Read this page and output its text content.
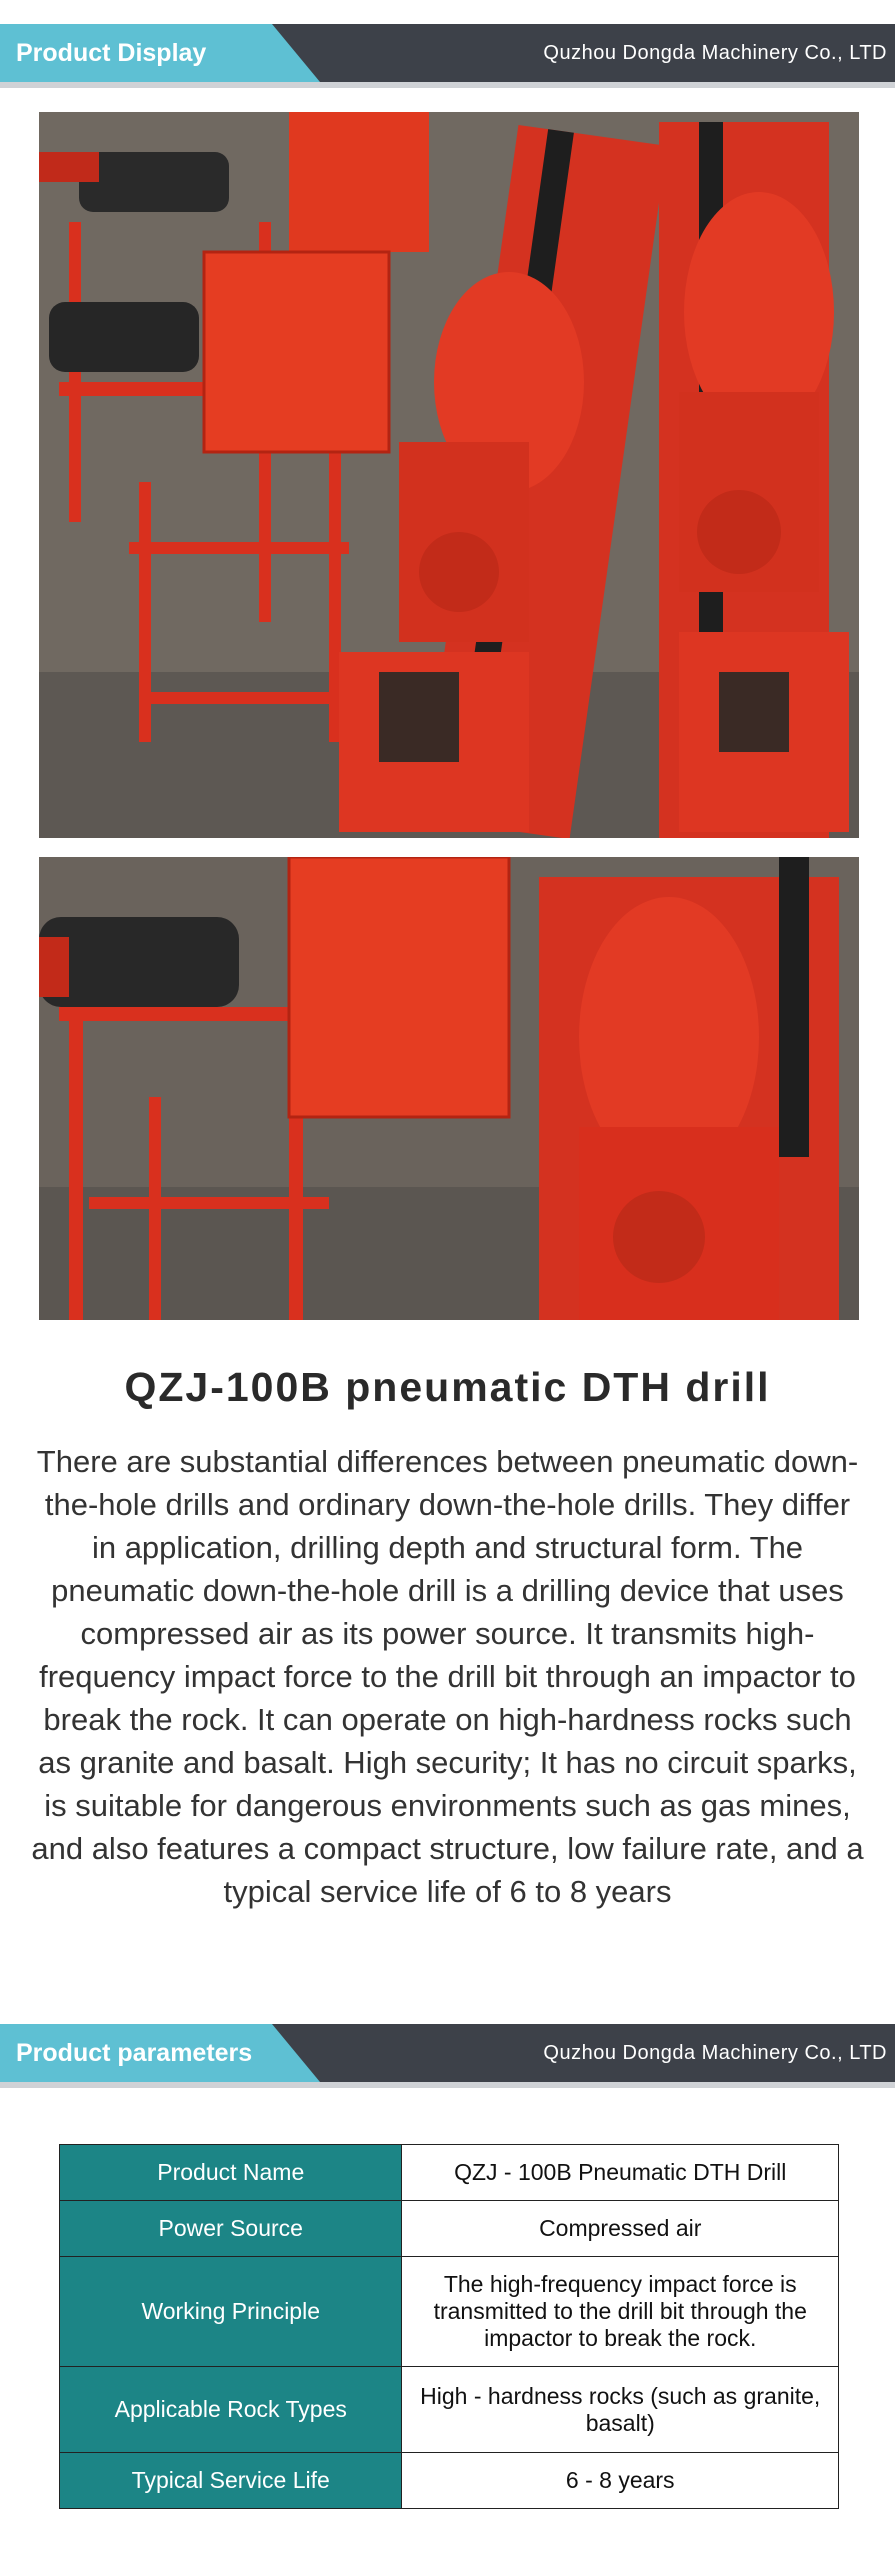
Product Display	Quzhou Dongda Machinery Co., LTD
QZJ-100B pneumatic DTH drill
There are substantial differences between pneumatic down-the-hole drills and ordinary down-the-hole drills. They differ in application, drilling depth and structural form. The pneumatic down-the-hole drill is a drilling device that uses compressed air as its power source. It transmits high-frequency impact force to the drill bit through an impactor to break the rock. It can operate on high-hardness rocks such as granite and basalt. High security; It has no circuit sparks, is suitable for dangerous environments such as gas mines, and also features a compact structure, low failure rate, and a typical service life of 6 to 8 years
Product parameters	Quzhou Dongda Machinery Co., LTD
Product Name	QZJ - 100B Pneumatic DTH Drill
Power Source	Compressed air
Working Principle	The high-frequency impact force is transmitted to the drill bit through the impactor to break the rock.
Applicable Rock Types	High - hardness rocks (such as granite, basalt)
Typical Service Life	6 - 8 years
